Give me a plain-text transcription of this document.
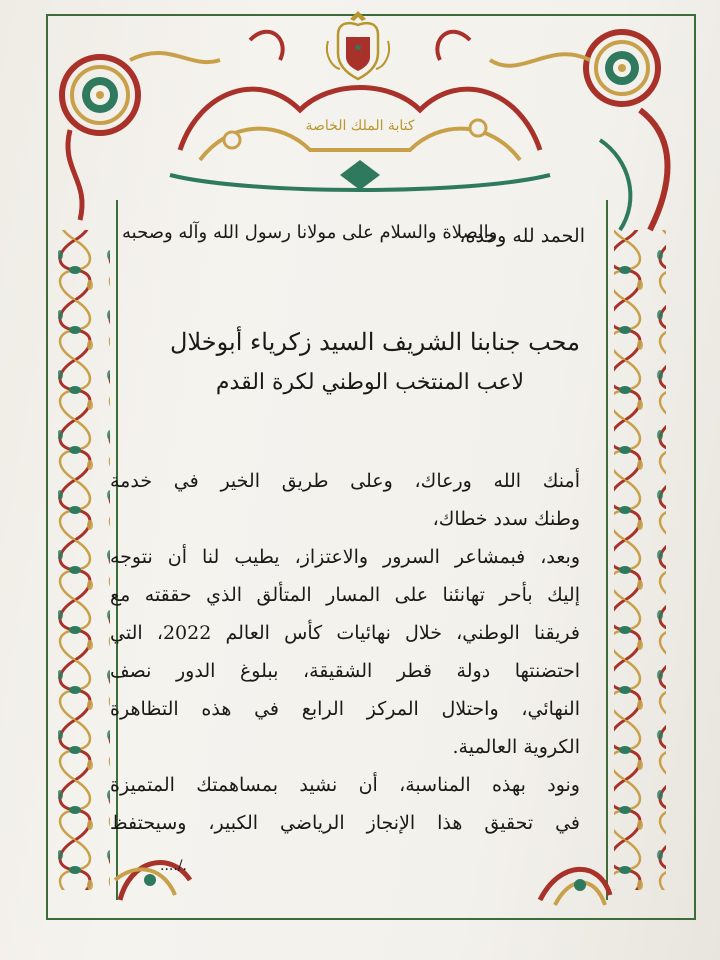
كتابة الملك الخاصة
الحمد لله وحده،
والصلاة والسلام على مولانا رسول الله وآله وصحبه
محب جنابنا الشريف السيد زكرياء أبوخلال
لاعب المنتخب الوطني لكرة القدم
أمنك الله ورعاك، وعلى طريق الخير في خدمة
وطنك سدد خطاك،
وبعد، فبمشاعر السرور والاعتزاز، يطيب لنا أن نتوجه
إليك بأحر تهانئنا على المسار المتألق الذي حققته مع
فريقنا الوطني، خلال نهائيات كأس العالم 2022، التي
احتضنتها دولة قطر الشقيقة، ببلوغ الدور نصف
النهائي، واحتلال المركز الرابع في هذه التظاهرة
الكروية العالمية.
ونود بهذه المناسبة، أن نشيد بمساهمتك المتميزة
في تحقيق هذا الإنجاز الرياضي الكبير، وسيحتفظ
..../.
